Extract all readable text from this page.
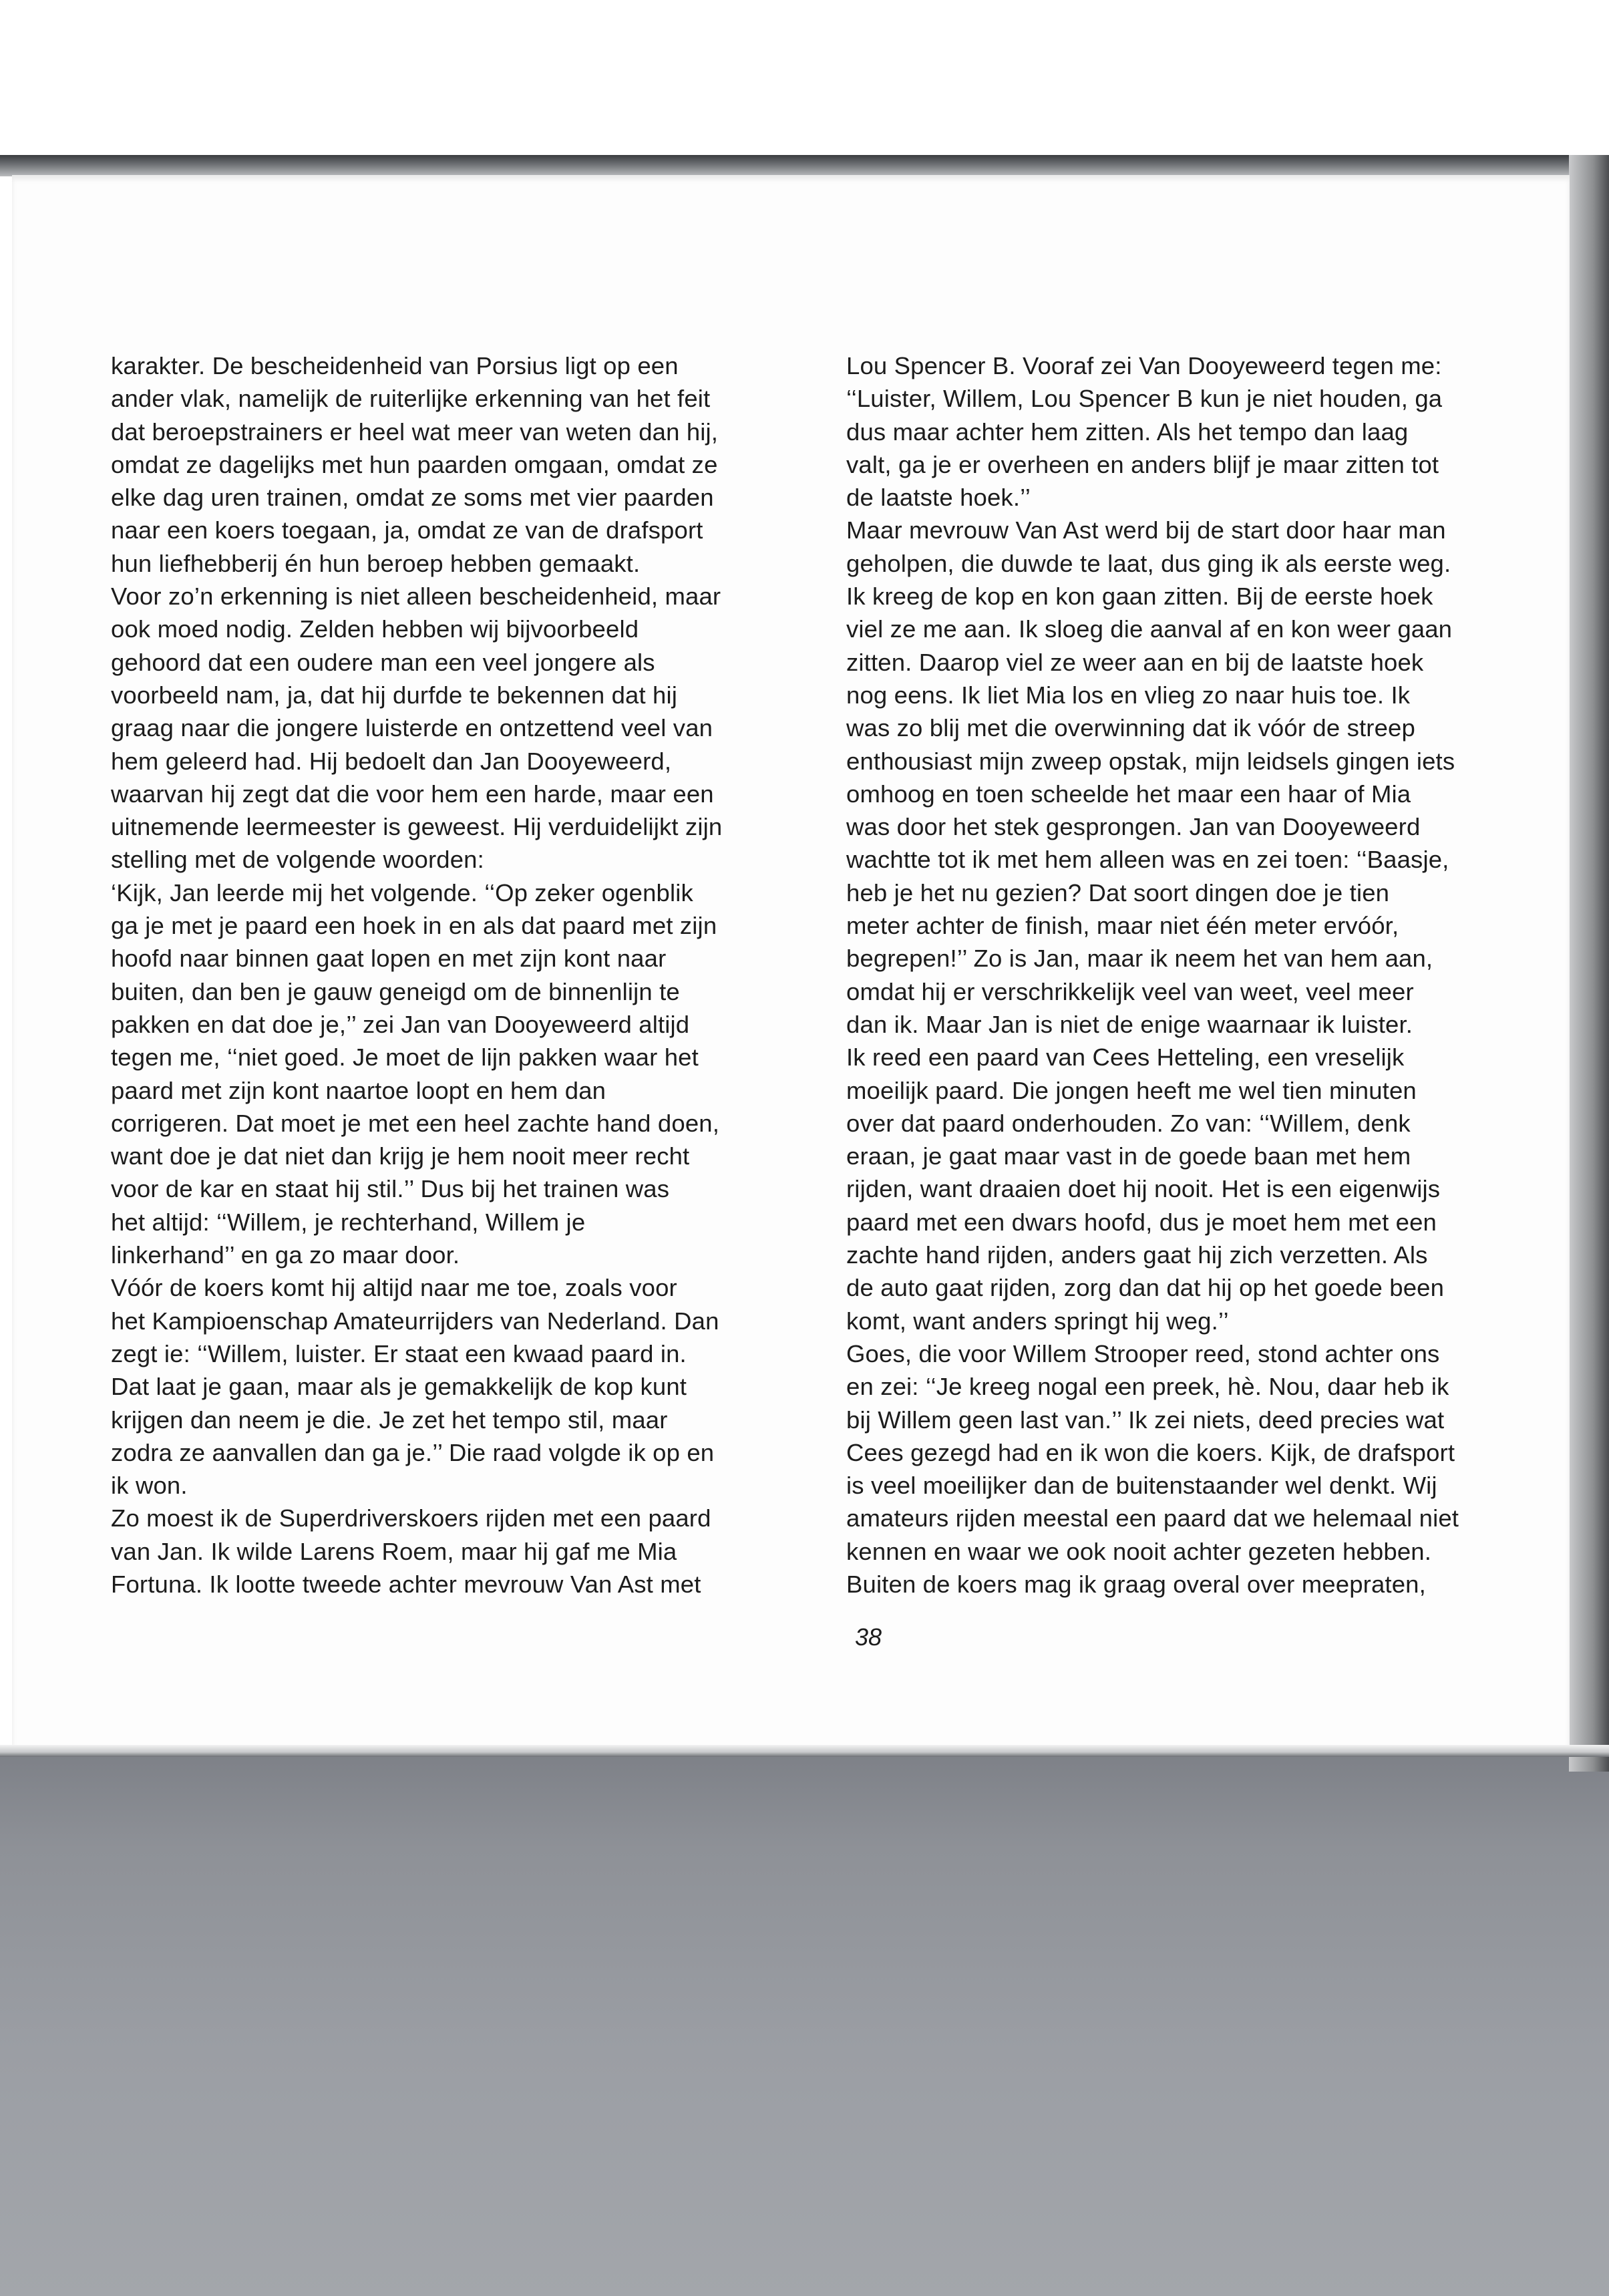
karakter. De bescheidenheid van Porsius ligt op een
ander vlak, namelijk de ruiterlijke erkenning van het feit
dat beroepstrainers er heel wat meer van weten dan hij,
omdat ze dagelijks met hun paarden omgaan, omdat ze
elke dag uren trainen, omdat ze soms met vier paarden
naar een koers toegaan, ja, omdat ze van de drafsport
hun liefhebberij én hun beroep hebben gemaakt.
Voor zo’n erkenning is niet alleen bescheidenheid, maar
ook moed nodig. Zelden hebben wij bijvoorbeeld
gehoord dat een oudere man een veel jongere als
voorbeeld nam, ja, dat hij durfde te bekennen dat hij
graag naar die jongere luisterde en ontzettend veel van
hem geleerd had. Hij bedoelt dan Jan Dooyeweerd,
waarvan hij zegt dat die voor hem een harde, maar een
uitnemende leermeester is geweest. Hij verduidelijkt zijn
stelling met de volgende woorden:
‘Kijk, Jan leerde mij het volgende. ‘‘Op zeker ogenblik
ga je met je paard een hoek in en als dat paard met zijn
hoofd naar binnen gaat lopen en met zijn kont naar
buiten, dan ben je gauw geneigd om de binnenlijn te
pakken en dat doe je,’’ zei Jan van Dooyeweerd altijd
tegen me, ‘‘niet goed. Je moet de lijn pakken waar het
paard met zijn kont naartoe loopt en hem dan
corrigeren. Dat moet je met een heel zachte hand doen,
want doe je dat niet dan krijg je hem nooit meer recht
voor de kar en staat hij stil.’’ Dus bij het trainen was
het altijd: ‘‘Willem, je rechterhand, Willem je
linkerhand’’ en ga zo maar door.
Vóór de koers komt hij altijd naar me toe, zoals voor
het Kampioenschap Amateurrijders van Nederland. Dan
zegt ie: ‘‘Willem, luister. Er staat een kwaad paard in.
Dat laat je gaan, maar als je gemakkelijk de kop kunt
krijgen dan neem je die. Je zet het tempo stil, maar
zodra ze aanvallen dan ga je.’’ Die raad volgde ik op en
ik won.
Zo moest ik de Superdriverskoers rijden met een paard
van Jan. Ik wilde Larens Roem, maar hij gaf me Mia
Fortuna. Ik lootte tweede achter mevrouw Van Ast met
Lou Spencer B. Vooraf zei Van Dooyeweerd tegen me:
‘‘Luister, Willem, Lou Spencer B kun je niet houden, ga
dus maar achter hem zitten. Als het tempo dan laag
valt, ga je er overheen en anders blijf je maar zitten tot
de laatste hoek.’’
Maar mevrouw Van Ast werd bij de start door haar man
geholpen, die duwde te laat, dus ging ik als eerste weg.
Ik kreeg de kop en kon gaan zitten. Bij de eerste hoek
viel ze me aan. Ik sloeg die aanval af en kon weer gaan
zitten. Daarop viel ze weer aan en bij de laatste hoek
nog eens. Ik liet Mia los en vlieg zo naar huis toe. Ik
was zo blij met die overwinning dat ik vóór de streep
enthousiast mijn zweep opstak, mijn leidsels gingen iets
omhoog en toen scheelde het maar een haar of Mia
was door het stek gesprongen. Jan van Dooyeweerd
wachtte tot ik met hem alleen was en zei toen: ‘‘Baasje,
heb je het nu gezien? Dat soort dingen doe je tien
meter achter de finish, maar niet één meter ervóór,
begrepen!’’ Zo is Jan, maar ik neem het van hem aan,
omdat hij er verschrikkelijk veel van weet, veel meer
dan ik. Maar Jan is niet de enige waarnaar ik luister.
Ik reed een paard van Cees Hetteling, een vreselijk
moeilijk paard. Die jongen heeft me wel tien minuten
over dat paard onderhouden. Zo van: ‘‘Willem, denk
eraan, je gaat maar vast in de goede baan met hem
rijden, want draaien doet hij nooit. Het is een eigenwijs
paard met een dwars hoofd, dus je moet hem met een
zachte hand rijden, anders gaat hij zich verzetten. Als
de auto gaat rijden, zorg dan dat hij op het goede been
komt, want anders springt hij weg.’’
Goes, die voor Willem Strooper reed, stond achter ons
en zei: ‘‘Je kreeg nogal een preek, hè. Nou, daar heb ik
bij Willem geen last van.’’ Ik zei niets, deed precies wat
Cees gezegd had en ik won die koers. Kijk, de drafsport
is veel moeilijker dan de buitenstaander wel denkt. Wij
amateurs rijden meestal een paard dat we helemaal niet
kennen en waar we ook nooit achter gezeten hebben.
Buiten de koers mag ik graag overal over meepraten,
38
